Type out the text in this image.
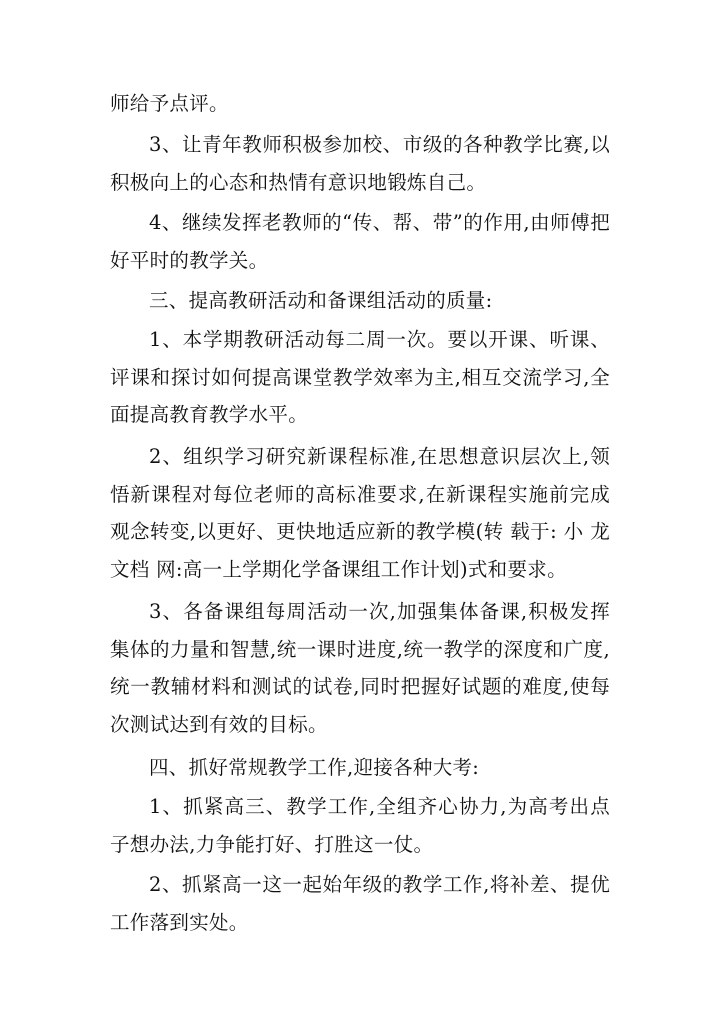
师给予点评。

3、让青年教师积极参加校、市级的各种教学比赛,以积极向上的心态和热情有意识地锻炼自己。

4、继续发挥老教师的“传、帮、带”的作用,由师傅把好平时的教学关。

三、提高教研活动和备课组活动的质量:

1、本学期教研活动每二周一次。要以开课、听课、评课和探讨如何提高课堂教学效率为主,相互交流学习,全面提高教育教学水平。

2、组织学习研究新课程标准,在思想意识层次上,领悟新课程对每位老师的高标准要求,在新课程实施前完成观念转变,以更好、更快地适应新的教学模(转 载于: 小 龙 文档 网:高一上学期化学备课组工作计划)式和要求。

3、各备课组每周活动一次,加强集体备课,积极发挥集体的力量和智慧,统一课时进度,统一教学的深度和广度,统一教辅材料和测试的试卷,同时把握好试题的难度,使每次测试达到有效的目标。

四、抓好常规教学工作,迎接各种大考:

1、抓紧高三、教学工作,全组齐心协力,为高考出点子想办法,力争能打好、打胜这一仗。

2、抓紧高一这一起始年级的教学工作,将补差、提优工作落到实处。
